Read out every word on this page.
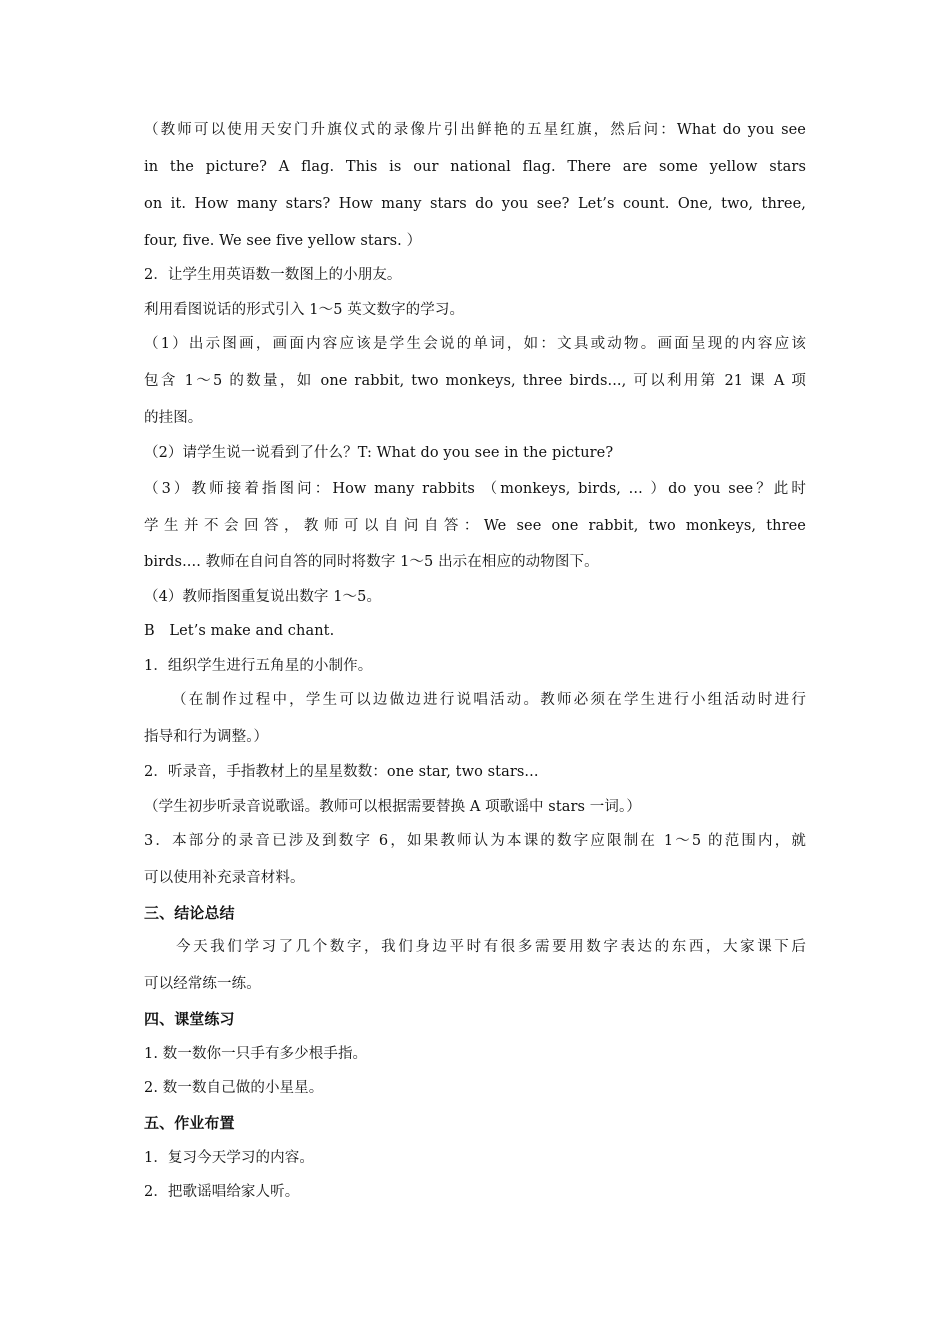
（教师可以使用天安门升旗仪式的录像片引出鲜艳的五星红旗，然后问：What do you see
in the picture? A flag. This is our national flag. There are some yellow stars
on it. How many stars? How many stars do you see? Let’s count. One, two, three,
four, five. We see five yellow stars. ）
2．让学生用英语数一数图上的小朋友。
利用看图说话的形式引入 1～5 英文数字的学习。
（1）出示图画，画面内容应该是学生会说的单词，如：文具或动物。画面呈现的内容应该
包含 1～5 的数量，如 one rabbit, two monkeys, three birds..., 可以利用第 21 课 A 项
的挂图。
（2）请学生说一说看到了什么？T: What do you see in the picture?
（3）教师接着指图问：How many rabbits （monkeys, birds, ... ）do you see？此时
学生并不会回答，教师可以自问自答：We see one rabbit, two monkeys, three
birds.... 教师在自问自答的同时将数字 1～5 出示在相应的动物图下。
（4）教师指图重复说出数字 1～5。
B　Let’s make and chant.
1．组织学生进行五角星的小制作。
（在制作过程中，学生可以边做边进行说唱活动。教师必须在学生进行小组活动时进行
指导和行为调整。）
2．听录音，手指教材上的星星数数：one star, two stars...
（学生初步听录音说歌谣。教师可以根据需要替换 A 项歌谣中 stars 一词。）
3．本部分的录音已涉及到数字 6，如果教师认为本课的数字应限制在 1～5 的范围内，就
可以使用补充录音材料。
三、结论总结
今天我们学习了几个数字，我们身边平时有很多需要用数字表达的东西，大家课下后
可以经常练一练。
四、课堂练习
1. 数一数你一只手有多少根手指。
2. 数一数自己做的小星星。
五、作业布置
1．复习今天学习的内容。
2．把歌谣唱给家人听。
